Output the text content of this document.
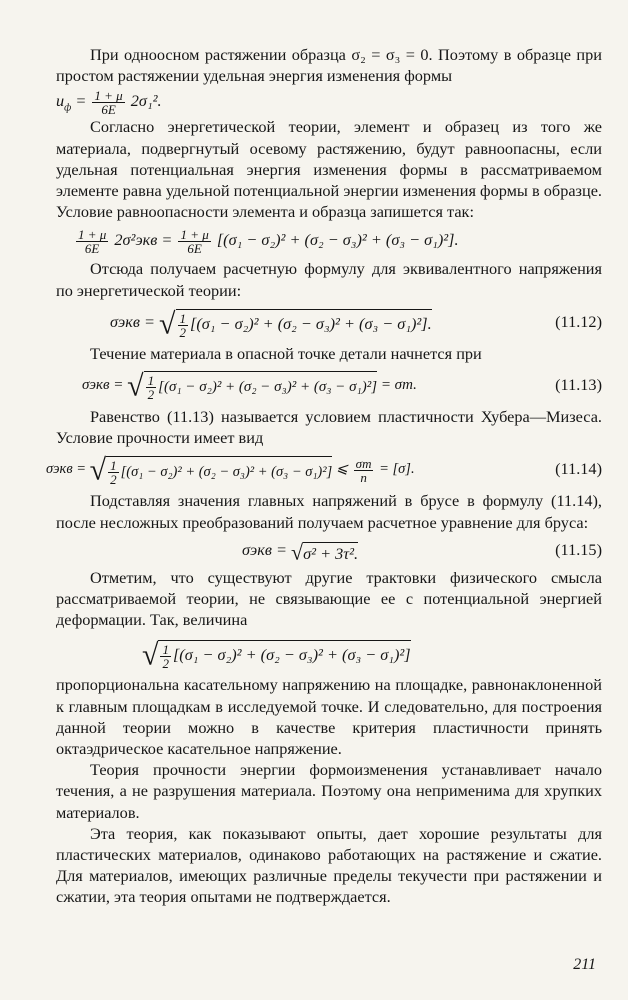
При одноосном растяжении образца σ₂ = σ₃ = 0. Поэтому в образце при простом растяжении удельная энергия изменения формы

$u_ф = \frac{1 + \mu}{6E} 2\sigma_1^2$.

Согласно энергетической теории, элемент и образец из того же материала, подвергнутый осевому растяжению, будут равноопасны, если удельная потенциальная энергия изменения формы в рассматриваемом элементе равна удельной потенциальной энергии изменения формы в образце. Условие равноопасности элемента и образца запишется так:

$\frac{1 + \mu}{6E} 2\sigma^2экв = \frac{1 + \mu}{6E} [(\sigma_1 - \sigma_2)^2 + (\sigma_2 - \sigma_3)^2 + (\sigma_3 - \sigma_1)^2]$.

Отсюда получаем расчетную формулу для эквивалентного напряжения по энергетической теории:

σэкв = √ $\frac{1}{2} [(\sigma_1 - \sigma_2)^2 + (\sigma_2 - \sigma_3)^2 + (\sigma_3 - \sigma_1)^2]$.	(11.12)

Течение материала в опасной точке детали начнется при

σэкв = √ $\frac{1}{2} [(\sigma_1 - \sigma_2)^2 + (\sigma_2 - \sigma_3)^2 + (\sigma_3 - \sigma_1)^2] = \sigma т$.	(11.13)

Равенство (11.13) называется условием пластичности Хубера—Мизеса. Условие прочности имеет вид

σэкв = √ $\frac{1}{2} [(\sigma_1 - \sigma_2)^2 + (\sigma_2 - \sigma_3)^2 + (\sigma_3 - \sigma_1)^2]$ ⩽ $\frac{\sigma т}{n} = [\sigma]$.	(11.14)

Подставляя значения главных напряжений в брусе в формулу (11.14), после несложных преобразований получаем расчетное уравнение для бруса:

σэкв = √σ² + 3τ².	(11.15)

Отметим, что существуют другие трактовки физического смысла рассматриваемой теории, не связывающие ее с потенциальной энергией деформации. Так, величина

√ $\frac{1}{2} [(\sigma_1 - \sigma_2)^2 + (\sigma_2 - \sigma_3)^2 + (\sigma_3 - \sigma_1)^2]$

пропорциональна касательному напряжению на площадке, равнонаклоненной к главным площадкам в исследуемой точке. И следовательно, для построения данной теории можно в качестве критерия пластичности принять октаэдрическое касательное напряжение.

Теория прочности энергии формоизменения устанавливает начало течения, а не разрушения материала. Поэтому она неприменима для хрупких материалов.

Эта теория, как показывают опыты, дает хорошие результаты для пластических материалов, одинаково работающих на растяжение и сжатие. Для материалов, имеющих различные пределы текучести при растяжении и сжатии, эта теория опытами не подтверждается.

211
